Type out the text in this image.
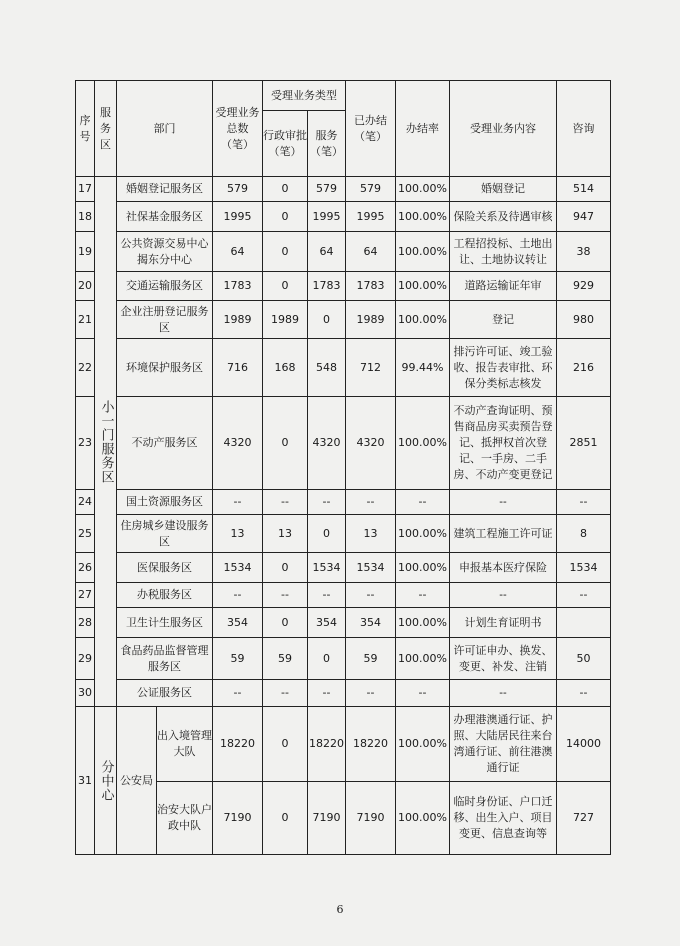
序号	服务区	部门		受理业务总数（笔）	受理业务类型		已办结（笔）	办结率	受理业务内容	咨询
					行政审批（笔）	服务（笔）				
17	小一门服务区	婚姻登记服务区		579	0	579	579	100.00%	婚姻登记	514
18		社保基金服务区		1995	0	1995	1995	100.00%	保险关系及待遇审核	947
19		公共资源交易中心揭东分中心		64	0	64	64	100.00%	工程招投标、土地出让、土地协议转让	38
20		交通运输服务区		1783	0	1783	1783	100.00%	道路运输证年审	929
21		企业注册登记服务区		1989	1989	0	1989	100.00%	登记	980
22		环境保护服务区		716	168	548	712	99.44%	排污许可证、竣工验收、报告表审批、环保分类标志核发	216
23		不动产服务区		4320	0	4320	4320	100.00%	不动产查询证明、预售商品房买卖预告登记、抵押权首次登记、一手房、二手房、不动产变更登记	2851
24		国土资源服务区		--	--	--	--	--	--	--
25		住房城乡建设服务区		13	13	0	13	100.00%	建筑工程施工许可证	8
26		医保服务区		1534	0	1534	1534	100.00%	申报基本医疗保险	1534
27		办税服务区		--	--	--	--	--	--	--
28		卫生计生服务区		354	0	354	354	100.00%	计划生育证明书	
29		食品药品监督管理服务区		59	59	0	59	100.00%	许可证申办、换发、变更、补发、注销	50
30		公证服务区		--	--	--	--	--	--	--
31	分中心	公安局	出入境管理大队	18220	0	18220	18220	100.00%	办理港澳通行证、护照、大陆居民往来台湾通行证、前往港澳通行证	14000
			治安大队户政中队	7190	0	7190	7190	100.00%	临时身份证、户口迁移、出生入户、项目变更、信息查询等	727
6
